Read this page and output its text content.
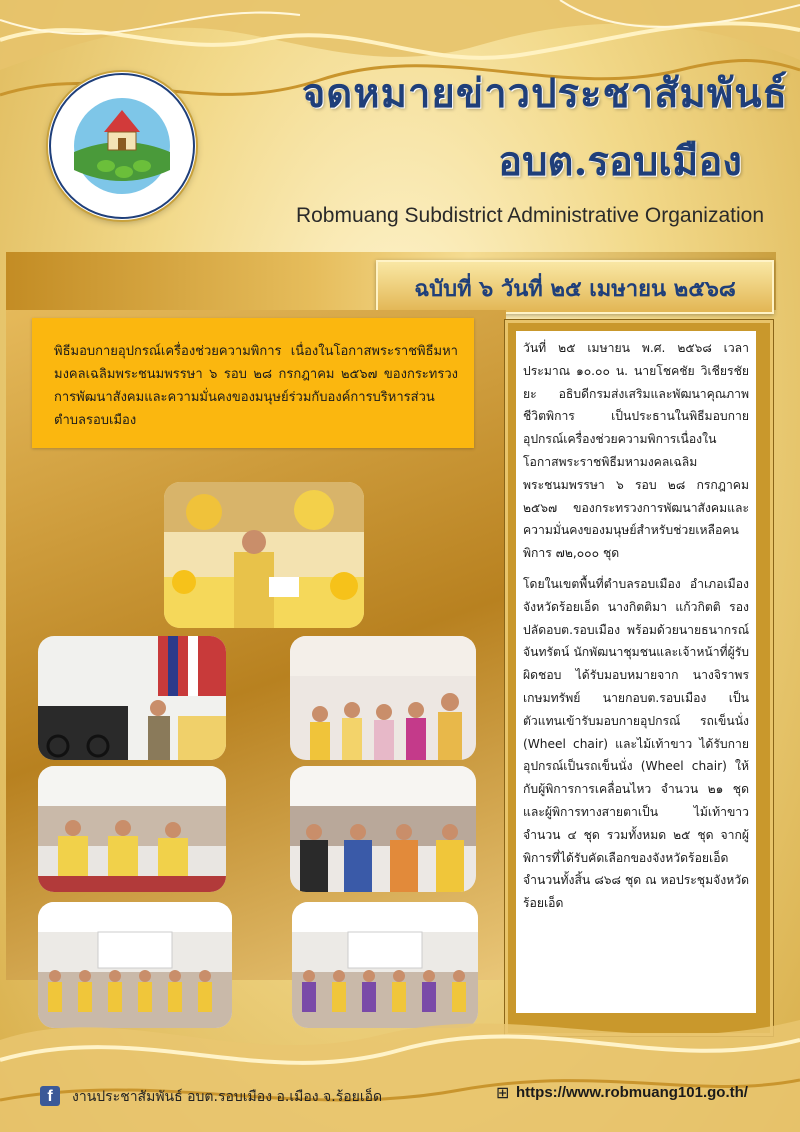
จดหมายข่าวประชาสัมพันธ์
อบต.รอบเมือง
Robmuang Subdistrict Administrative Organization
ฉบับที่ ๖ วันที่ ๒๕ เมษายน ๒๕๖๘

พิธีมอบกายอุปกรณ์เครื่องช่วยความพิการ เนื่องในโอกาสพระราชพิธีมหามงคลเฉลิมพระชนมพรรษา ๖ รอบ ๒๘ กรกฎาคม ๒๕๖๗ ของกระทรวงการพัฒนาสังคมและความมั่นคงของมนุษย์ร่วมกับองค์การบริหารส่วนตำบลรอบเมือง

วันที่ ๒๕ เมษายน พ.ศ. ๒๕๖๘ เวลาประมาณ ๑๐.๐๐ น. นายโชคชัย วิเชียรชัยยะ อธิบดีกรมส่งเสริมและพัฒนาคุณภาพชีวิตพิการ เป็นประธานในพิธีมอบกายอุปกรณ์เครื่องช่วยความพิการเนื่องในโอกาสพระราชพิธีมหามงคลเฉลิมพระชนมพรรษา ๖ รอบ ๒๘ กรกฎาคม ๒๕๖๗ ของกระทรวงการพัฒนาสังคมและความมั่นคงของมนุษย์สำหรับช่วยเหลือคนพิการ ๗๒,๐๐๐ ชุด

โดยในเขตพื้นที่ตำบลรอบเมือง อำเภอเมือง จังหวัดร้อยเอ็ด นางกิตติมา แก้วกิตติ รองปลัดอบต.รอบเมือง พร้อมด้วยนายธนากรณ์ จันทรัตน์ นักพัฒนาชุมชนและเจ้าหน้าที่ผู้รับผิดชอบ ได้รับมอบหมายจาก นางจิราพร เกษมทรัพย์ นายกอบต.รอบเมือง เป็นตัวแทนเข้ารับมอบกายอุปกรณ์ รถเข็นนั่ง (Wheel chair) และไม้เท้าขาว ได้รับกายอุปกรณ์เป็นรถเข็นนั่ง (Wheel chair) ให้กับผู้พิการการเคลื่อนไหว จำนวน ๒๑ ชุด และผู้พิการทางสายตาเป็น ไม้เท้าขาว จำนวน ๔ ชุด รวมทั้งหมด ๒๕ ชุด จากผู้พิการที่ได้รับคัดเลือกของจังหวัดร้อยเอ็ด จำนวนทั้งสิ้น ๘๖๘ ชุด ณ หอประชุมจังหวัดร้อยเอ็ด

f	งานประชาสัมพันธ์ อบต.รอบเมือง อ.เมือง จ.ร้อยเอ็ด	⊞ https://www.robmuang101.go.th/
